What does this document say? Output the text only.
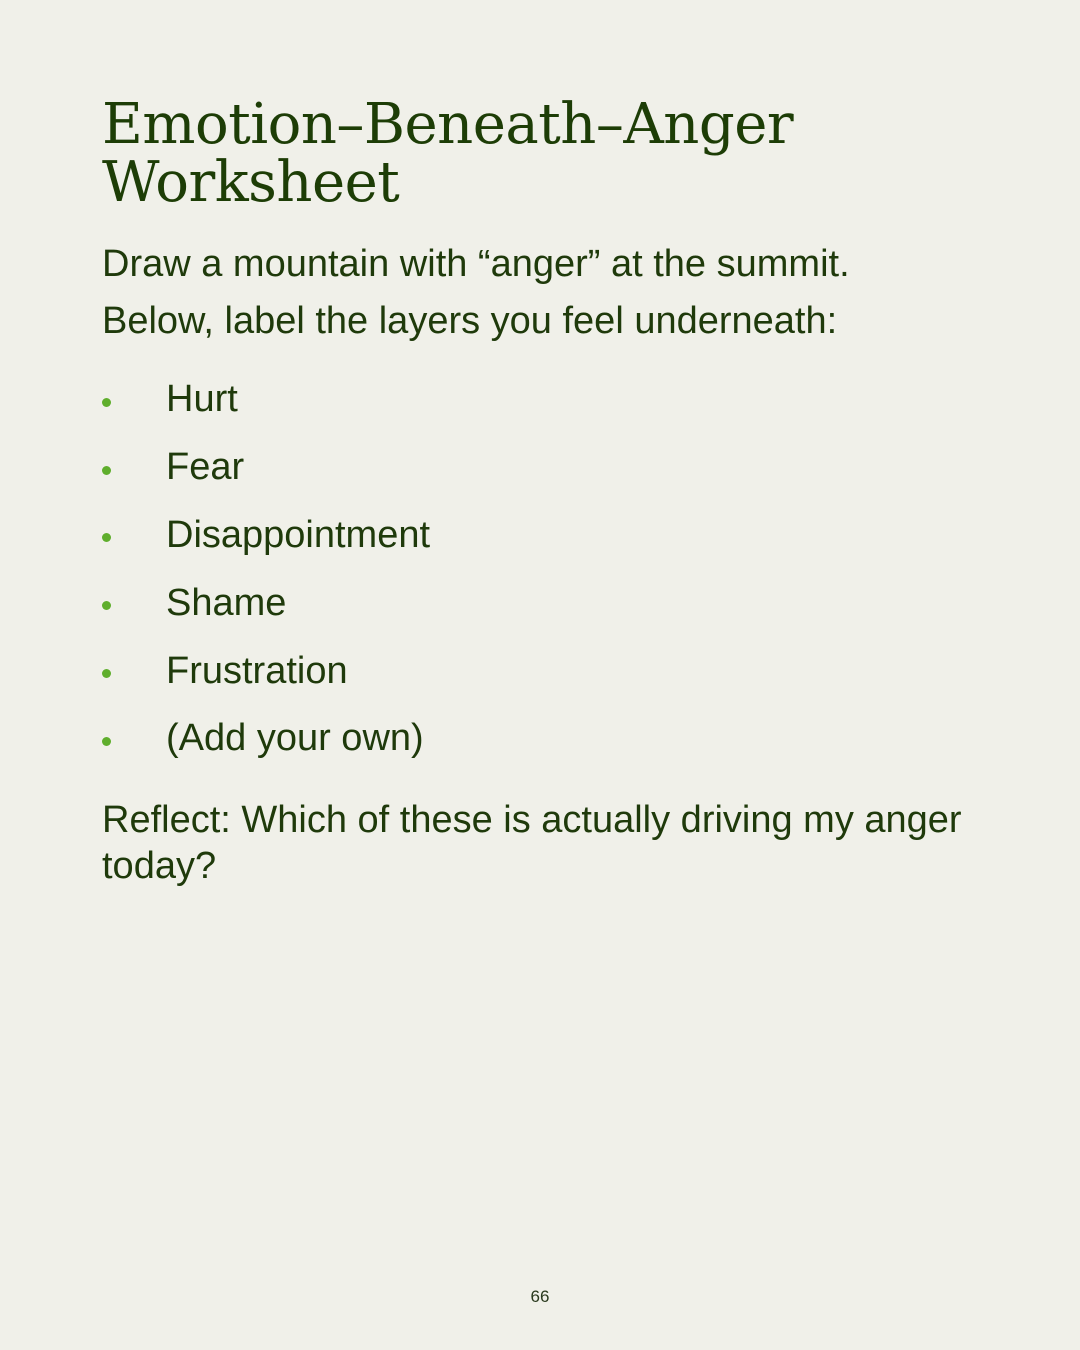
Emotion–Beneath–Anger Worksheet

Draw a mountain with “anger” at the summit. Below, label the layers you feel underneath:

Hurt
Fear
Disappointment
Shame
Frustration
(Add your own)

Reflect: Which of these is actually driving my anger today?

66
